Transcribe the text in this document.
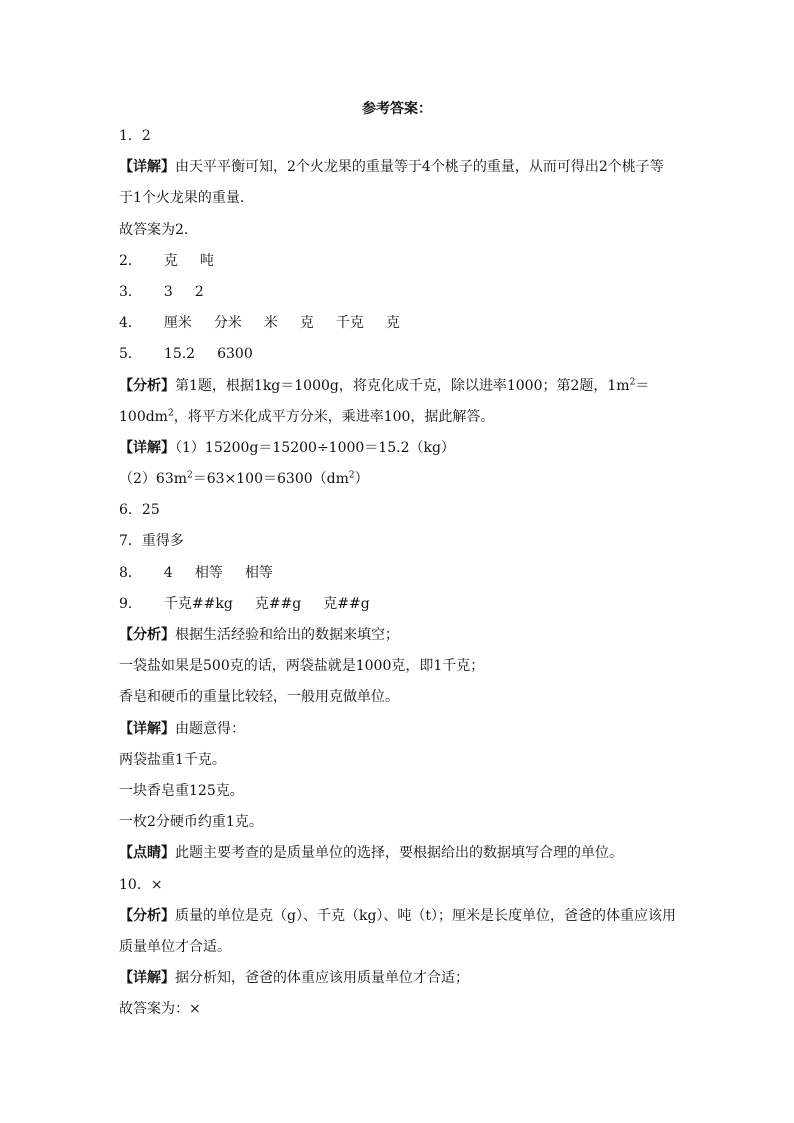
参考答案：
1．2
【详解】由天平平衡可知，2个火龙果的重量等于4个桃子的重量，从而可得出2个桃子等
于1个火龙果的重量．
故答案为2．
2． 克 吨
3． 3 2
4． 厘米 分米 米 克 千克 克
5． 15.2 6300
【分析】第1题，根据1kg＝1000g，将克化成千克，除以进率1000；第2题，$1m^2=$
$100dm^2$，将平方米化成平方分米，乘进率100，据此解答。
【详解】（1）15200g＝15200÷1000＝15.2（kg）
$(2)63m^2=63\times 100=6300(dm^2)$
6．25
7．重得多
8． 4 相等 相等
9． 千克##kg 克##g 克##g
【分析】根据生活经验和给出的数据来填空；
一袋盐如果是500克的话，两袋盐就是1000克，即1千克；
香皂和硬币的重量比较轻，一般用克做单位。
【详解】由题意得：
两袋盐重1千克。
一块香皂重125克。
一枚2分硬币约重1克。
【点睛】此题主要考查的是质量单位的选择，要根据给出的数据填写合理的单位。
10．×
【分析】质量的单位是克（g）、千克（kg）、吨（t）；厘米是长度单位，爸爸的体重应该用
质量单位才合适。
【详解】据分析知，爸爸的体重应该用质量单位才合适；
故答案为：×
